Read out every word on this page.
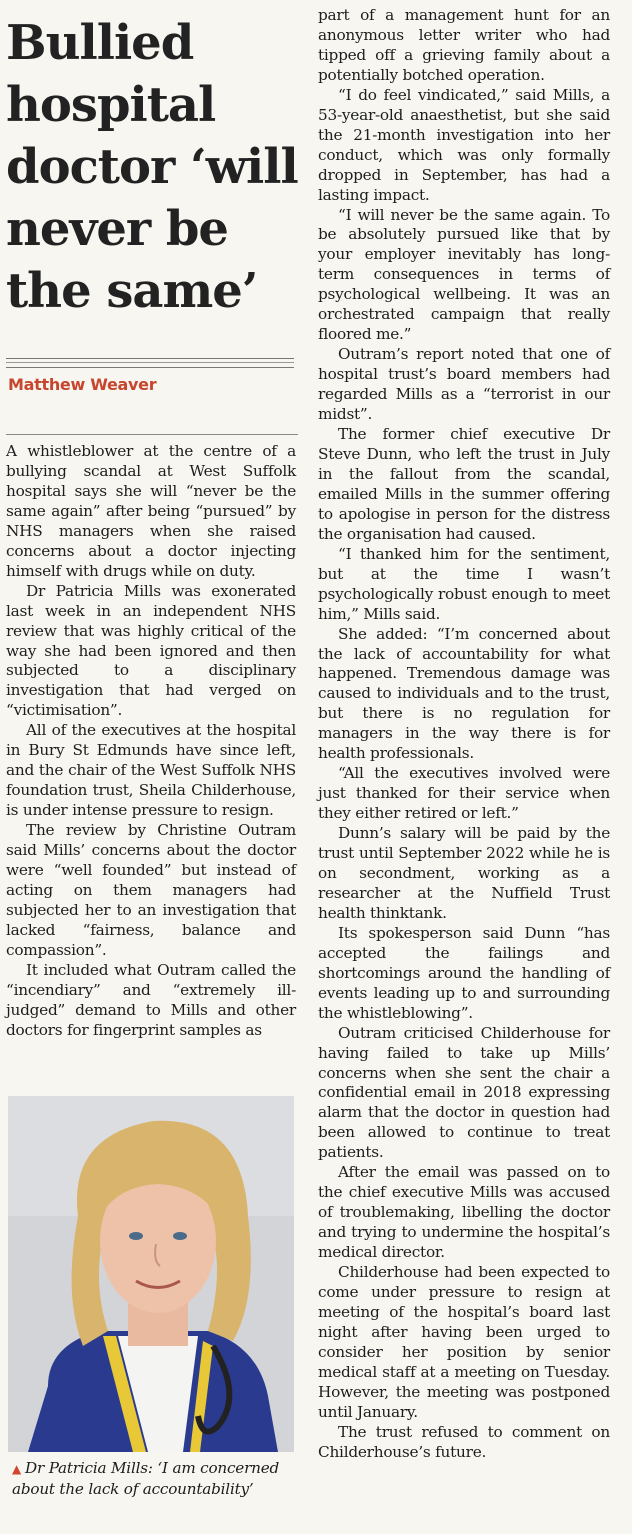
Bullied hospital doctor ‘will never be the same’
Matthew Weaver

A whistleblower at the centre of a bullying scandal at West Suffolk hospital says she will “never be the same again” after being “pursued” by NHS managers when she raised concerns about a doctor injecting himself with drugs while on duty.

Dr Patricia Mills was exonerated last week in an independent NHS review that was highly critical of the way she had been ignored and then subjected to a disciplinary investigation that had verged on “victimisation”.

All of the executives at the hospital in Bury St Edmunds have since left, and the chair of the West Suffolk NHS foundation trust, Sheila Childerhouse, is under intense pressure to resign.

The review by Christine Outram said Mills’ concerns about the doctor were “well founded” but instead of acting on them managers had subjected her to an investigation that lacked “fairness, balance and compassion”.

It included what Outram called the “incendiary” and “extremely ill-judged” demand to Mills and other doctors for fingerprint samples as

▲ Dr Patricia Mills: ‘I am concerned about the lack of accountability’

part of a management hunt for an anonymous letter writer who had tipped off a grieving family about a potentially botched operation.

“I do feel vindicated,” said Mills, a 53-year-old anaesthetist, but she said the 21-month investigation into her conduct, which was only formally dropped in September, has had a lasting impact.

“I will never be the same again. To be absolutely pursued like that by your employer inevitably has long-term consequences in terms of psychological wellbeing. It was an orchestrated campaign that really floored me.”

Outram’s report noted that one of hospital trust’s board members had regarded Mills as a “terrorist in our midst”.

The former chief executive Dr Steve Dunn, who left the trust in July in the fallout from the scandal, emailed Mills in the summer offering to apologise in person for the distress the organisation had caused.

“I thanked him for the sentiment, but at the time I wasn’t psychologically robust enough to meet him,” Mills said.

She added: “I’m concerned about the lack of accountability for what happened. Tremendous damage was caused to individuals and to the trust, but there is no regulation for managers in the way there is for health professionals.

“All the executives involved were just thanked for their service when they either retired or left.”

Dunn’s salary will be paid by the trust until September 2022 while he is on secondment, working as a researcher at the Nuffield Trust health thinktank.

Its spokesperson said Dunn “has accepted the failings and shortcomings around the handling of events leading up to and surrounding the whistleblowing”.

Outram criticised Childerhouse for having failed to take up Mills’ concerns when she sent the chair a confidential email in 2018 expressing alarm that the doctor in question had been allowed to continue to treat patients.

After the email was passed on to the chief executive Mills was accused of troublemaking, libelling the doctor and trying to undermine the hospital’s medical director.

Childerhouse had been expected to come under pressure to resign at meeting of the hospital’s board last night after having been urged to consider her position by senior medical staff at a meeting on Tuesday. However, the meeting was postponed until January.

The trust refused to comment on Childerhouse’s future.
